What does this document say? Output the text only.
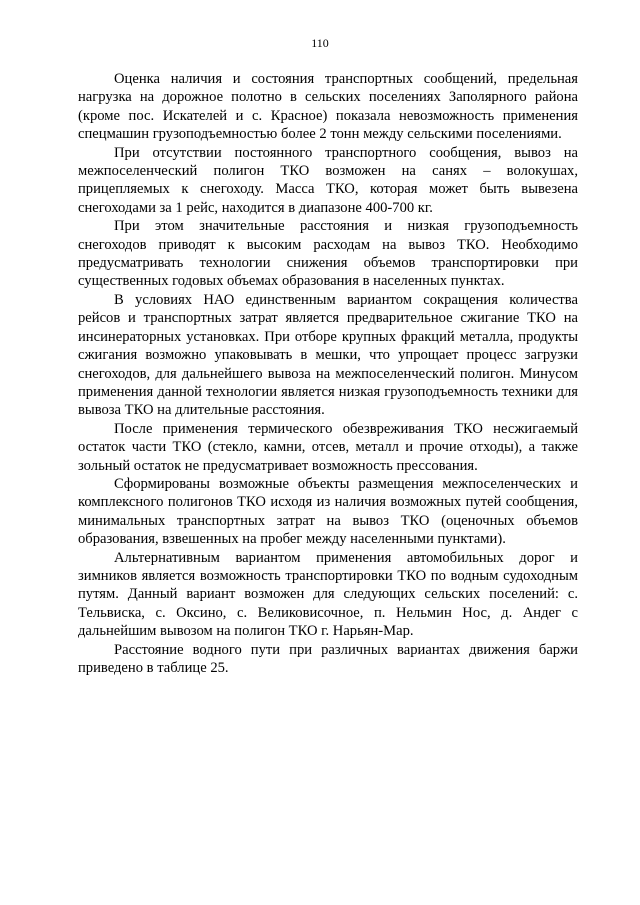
110

Оценка наличия и состояния транспортных сообщений, предельная нагрузка на дорожное полотно в сельских поселениях Заполярного района (кроме пос. Искателей и с. Красное) показала невозможность применения спецмашин грузоподъемностью более 2 тонн между сельскими поселениями.

При отсутствии постоянного транспортного сообщения, вывоз на межпоселенческий полигон ТКО возможен на санях – волокушах, прицепляемых к снегоходу. Масса ТКО, которая может быть вывезена снегоходами за 1 рейс, находится в диапазоне 400-700 кг.

При этом значительные расстояния и низкая грузоподъемность снегоходов приводят к высоким расходам на вывоз ТКО. Необходимо предусматривать технологии снижения объемов транспортировки при существенных годовых объемах образования в населенных пунктах.

В условиях НАО единственным вариантом сокращения количества рейсов и транспортных затрат является предварительное сжигание ТКО на инсинераторных установках. При отборе крупных фракций металла, продукты сжигания возможно упаковывать в мешки, что упрощает процесс загрузки снегоходов, для дальнейшего вывоза на межпоселенческий полигон. Минусом применения данной технологии является низкая грузоподъемность техники для вывоза ТКО на длительные расстояния.

После применения термического обезвреживания ТКО несжигаемый остаток части ТКО (стекло, камни, отсев, металл и прочие отходы), а также зольный остаток не предусматривает возможность прессования.

Сформированы возможные объекты размещения межпоселенческих и комплексного полигонов ТКО исходя из наличия возможных путей сообщения, минимальных транспортных затрат на вывоз ТКО (оценочных объемов образования, взвешенных на пробег между населенными пунктами).

Альтернативным вариантом применения автомобильных дорог и зимников является возможность транспортировки ТКО по водным судоходным путям. Данный вариант возможен для следующих сельских поселений: с. Тельвиска, с. Оксино, с. Великовисочное, п. Нельмин Нос, д. Андег с дальнейшим вывозом на полигон ТКО г. Нарьян-Мар.

Расстояние водного пути при различных вариантах движения баржи приведено в таблице 25.
